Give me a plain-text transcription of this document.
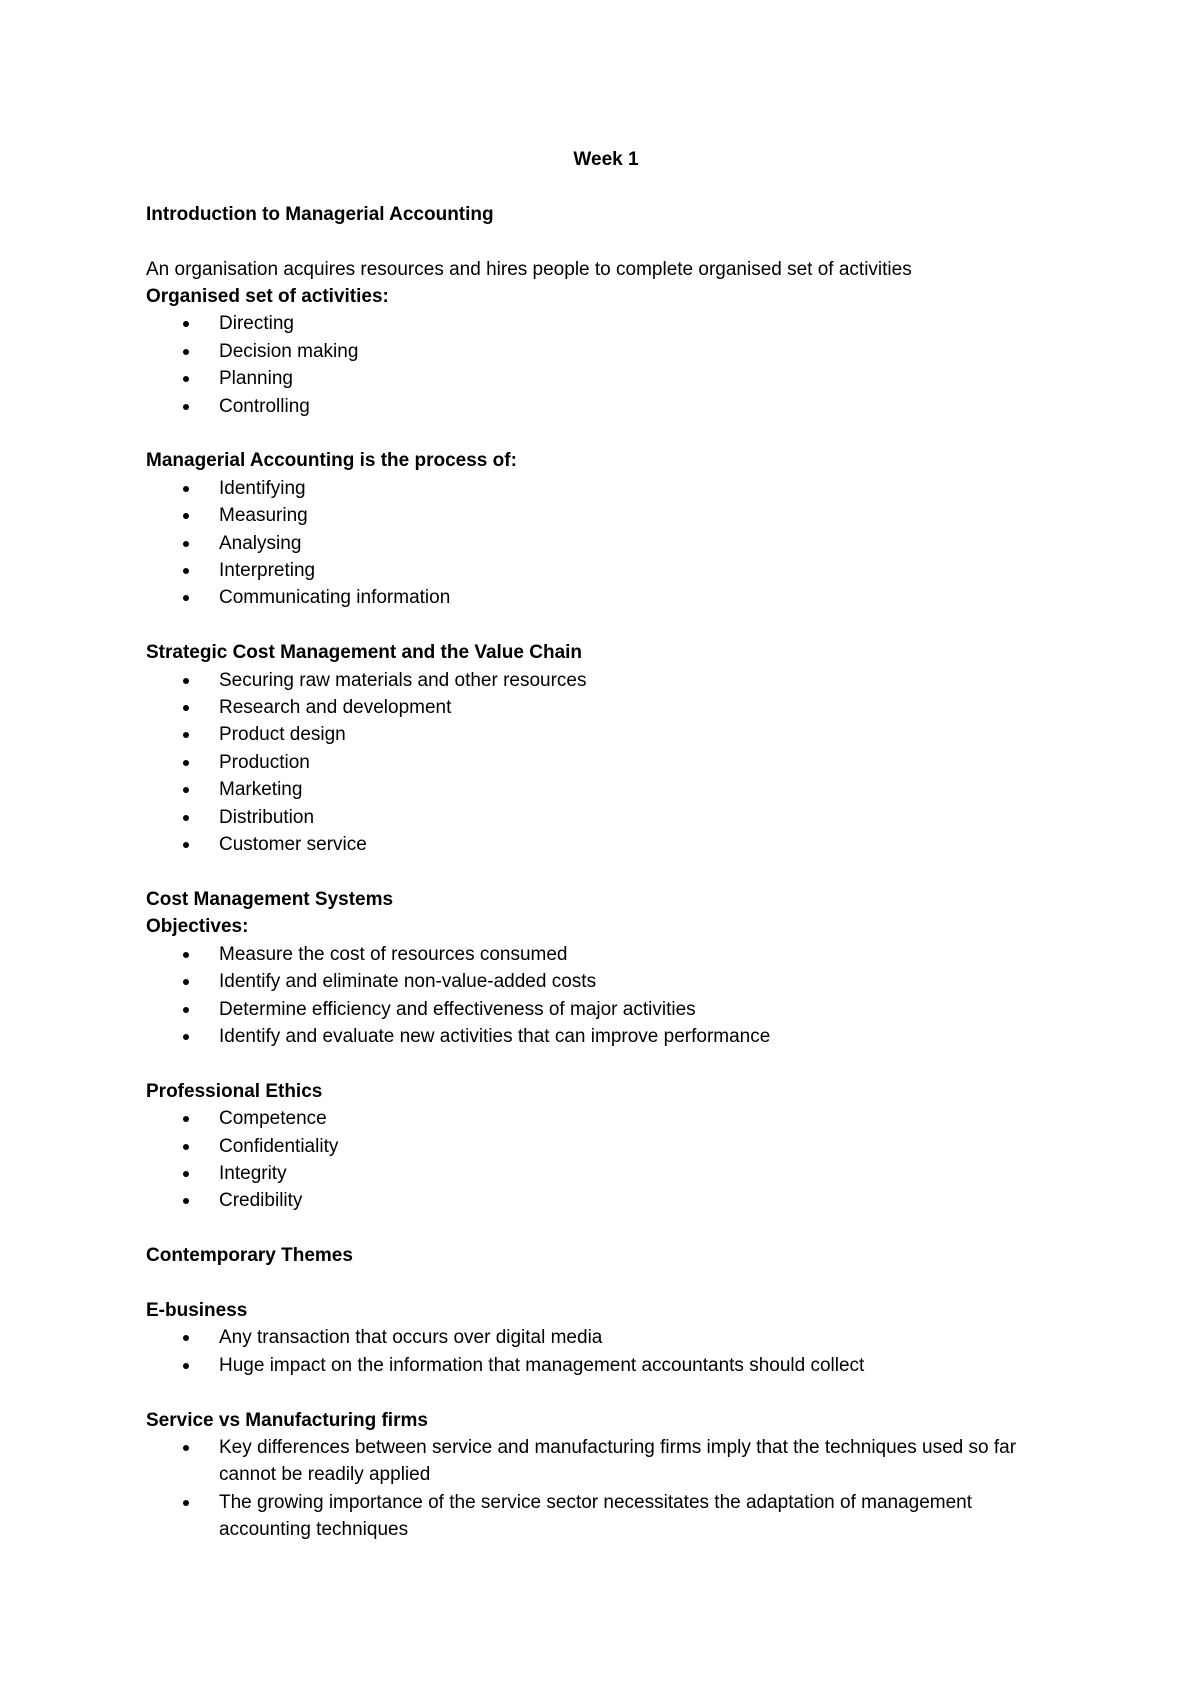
Week 1

Introduction to Managerial Accounting

An organisation acquires resources and hires people to complete organised set of activities

Organised set of activities:

Directing
Decision making
Planning
Controlling

Managerial Accounting is the process of:

Identifying
Measuring
Analysing
Interpreting
Communicating information

Strategic Cost Management and the Value Chain

Securing raw materials and other resources
Research and development
Product design
Production
Marketing
Distribution
Customer service

Cost Management Systems

Objectives:

Measure the cost of resources consumed
Identify and eliminate non-value-added costs
Determine efficiency and effectiveness of major activities
Identify and evaluate new activities that can improve performance

Professional Ethics

Competence
Confidentiality
Integrity
Credibility

Contemporary Themes

E-business

Any transaction that occurs over digital media
Huge impact on the information that management accountants should collect

Service vs Manufacturing firms

Key differences between service and manufacturing firms imply that the techniques used so far cannot be readily applied
The growing importance of the service sector necessitates the adaptation of management accounting techniques
